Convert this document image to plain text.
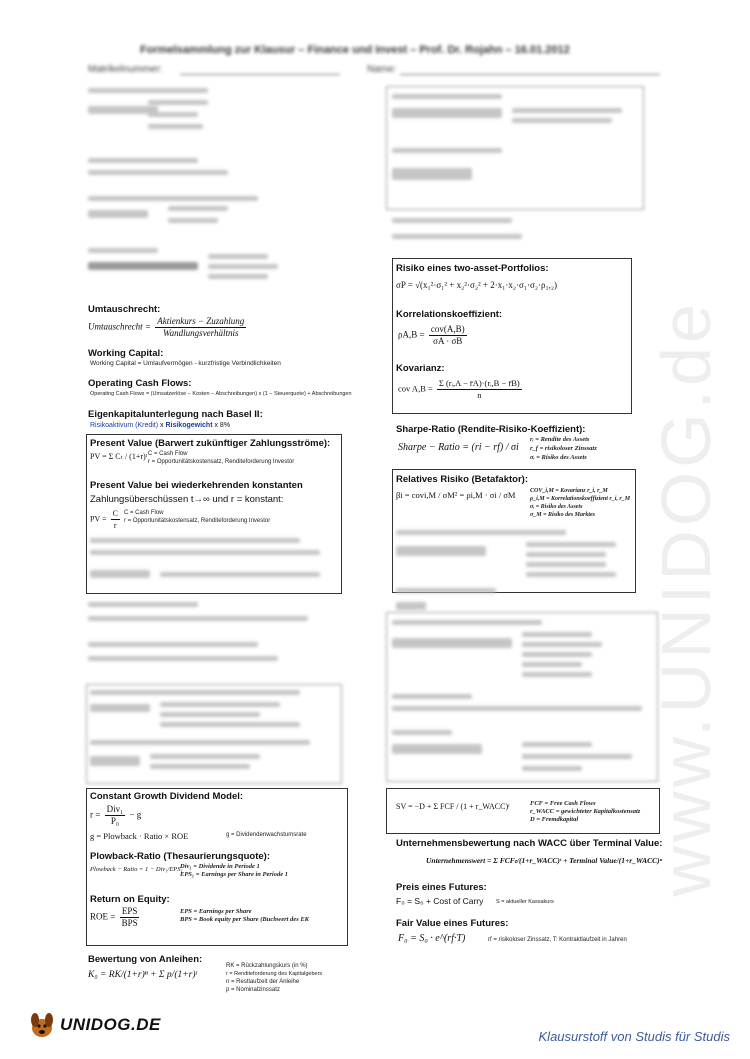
www.UNIDOG.de
Formelsammlung zur Klausur – Finance und Invest – Prof. Dr. Rojahn – 16.01.2012
Matrikelnummer:	Name:
Umtauschrecht:
Umtauschrecht = $\frac{\text{Aktienkurs − Zuzahlung}}{\text{Wandlungsverhältnis}}$
Working Capital:
Working Capital = Umlaufvermögen - kurzfristige Verbindlichkeiten
Operating Cash Flows:
Operating Cash Flows = (Umsatzerlöse − Kosten − Abschreibungen) x (1 − Steuerquote) + Abschreibungen
Eigenkapitalunterlegung nach Basel II:
Risikoaktivum (Kredit) x Risikogewicht x 8%
Present Value (Barwert zukünftiger Zahlungsströme):
PV = Σ Cₜ / (1+r)ᵗ C = Cash Flow
r = Opportunitätskostensatz, Renditeforderung Investor
Present Value bei wiederkehrenden konstanten
Zahlungsüberschüssen t→∞ und r = konstant:
PV = $\frac{C}{r}$ C = Cash Flow
r = Opportunitätskostensatz, Renditeforderung Investor
Constant Growth Dividend Model:
$r = \frac{\text{Div₁}}{\text{P₀}} - g$
g = Plowback · Ratio × ROE	g = Dividendenwachstumsrate
Plowback-Ratio (Thesaurierungsquote):
Plowback − Ratio = 1 − Div₁/EPS₁
Div₁ = Dividende in Periode 1
EPS₁ = Earnings per Share in Periode 1
Return on Equity:
ROE = $\frac{\text{EPS}}{\text{BPS}}$	EPS = Earnings per Share
BPS = Book equity per Share (Buchwert des EK
Bewertung von Anleihen:
K₀ = RK/(1+r)ⁿ + Σ p/(1+r)ᵗ
RK = Rückzahlungskurs (in %)
r = Renditeforderung des Kapitalgebers
n = Restlaufzeit der Anleihe
p = Nominalzinssatz
Risiko eines two-asset-Portfolios:
σP = √(x₁²·σ₁² + x₂²·σ₂² + 2·x₁·x₂·σ₁·σ₂·ρ₁,₂)
Korrelationskoeffizient:
$\rho A,B = \frac{\text{cov(A,B)}}{\sigma A \cdot \sigma B}$
Kovarianz:
cov $A,B = \frac{\text{Σ (rᵢ,A − r̄A)·(rᵢ,B − r̄B)}}{n}$
Sharpe-Ratio (Rendite-Risiko-Koeffizient):
Sharpe − Ratio = (ri − rf) / σi
rᵢ = Rendite des Assets
r_f = risikoloser Zinssatz
σᵢ = Risiko des Assets
Relatives Risiko (Betafaktor):
βi = covi,M / σM² = ρi,M · σi / σM COV_i,M = Kovarianz r_i, r_M
ρ_i,M = Korrelationskoeffizient r_i, r_M
σᵢ = Risiko des Assets
σ_M = Risiko des Marktes
SV = −D + Σ FCF / (1 + r_WACC)ᵗ	FCF = Free Cash Flows
r_WACC = gewichteter Kapitalkostensatz
D = Fremdkapital
Unternehmensbewertung nach WACC über Terminal Value:
Unternehmenswert = Σ FCFₜ/(1+r_WACC)ᵗ + Terminal Value/(1+r_WACC)ⁿ
Preis eines Futures:
F₀ = S₀ + Cost of Carry S = aktueller Kassakurs
Fair Value eines Futures:
F₀ = S₀ · e^(rf·T)	rf = risikoloser Zinssatz, T: Kontraktlaufzeit in Jahren
UNIDOG.DE
Klausurstoff von Studis für Studis
